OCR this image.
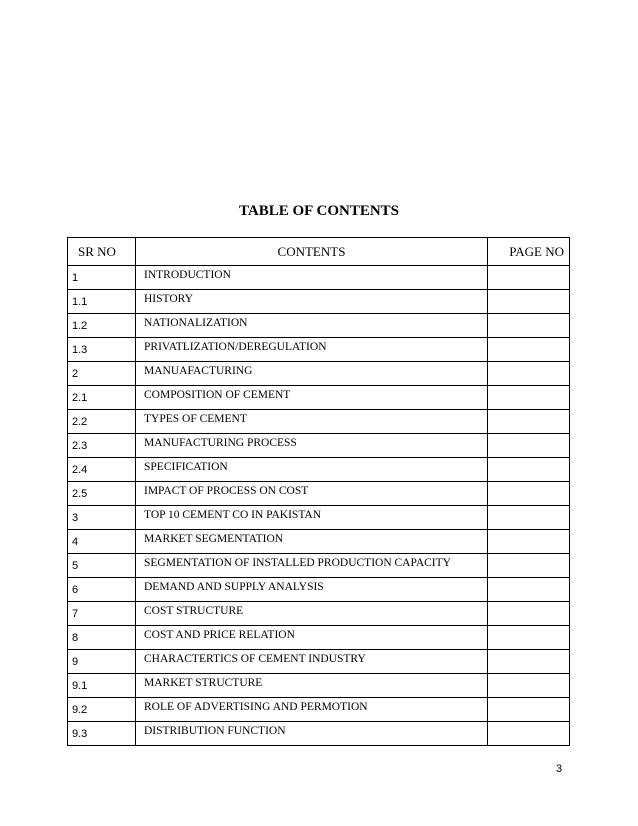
TABLE OF CONTENTS
SR NO	CONTENTS	PAGE NO
1	INTRODUCTION	
1.1	HISTORY	
1.2	NATIONALIZATION	
1.3	PRIVATLIZATION/DEREGULATION	
2	MANUAFACTURING	
2.1	COMPOSITION OF CEMENT	
2.2	TYPES OF CEMENT	
2.3	MANUFACTURING PROCESS	
2.4	SPECIFICATION	
2.5	IMPACT OF PROCESS ON COST	
3	TOP 10 CEMENT CO IN PAKISTAN	
4	MARKET SEGMENTATION	
5	SEGMENTATION OF INSTALLED PRODUCTION CAPACITY	
6	DEMAND AND SUPPLY ANALYSIS	
7	COST STRUCTURE	
8	COST AND PRICE RELATION	
9	CHARACTERTICS OF CEMENT INDUSTRY	
9.1	MARKET STRUCTURE	
9.2	ROLE OF ADVERTISING AND PERMOTION	
9.3	DISTRIBUTION FUNCTION	
3
